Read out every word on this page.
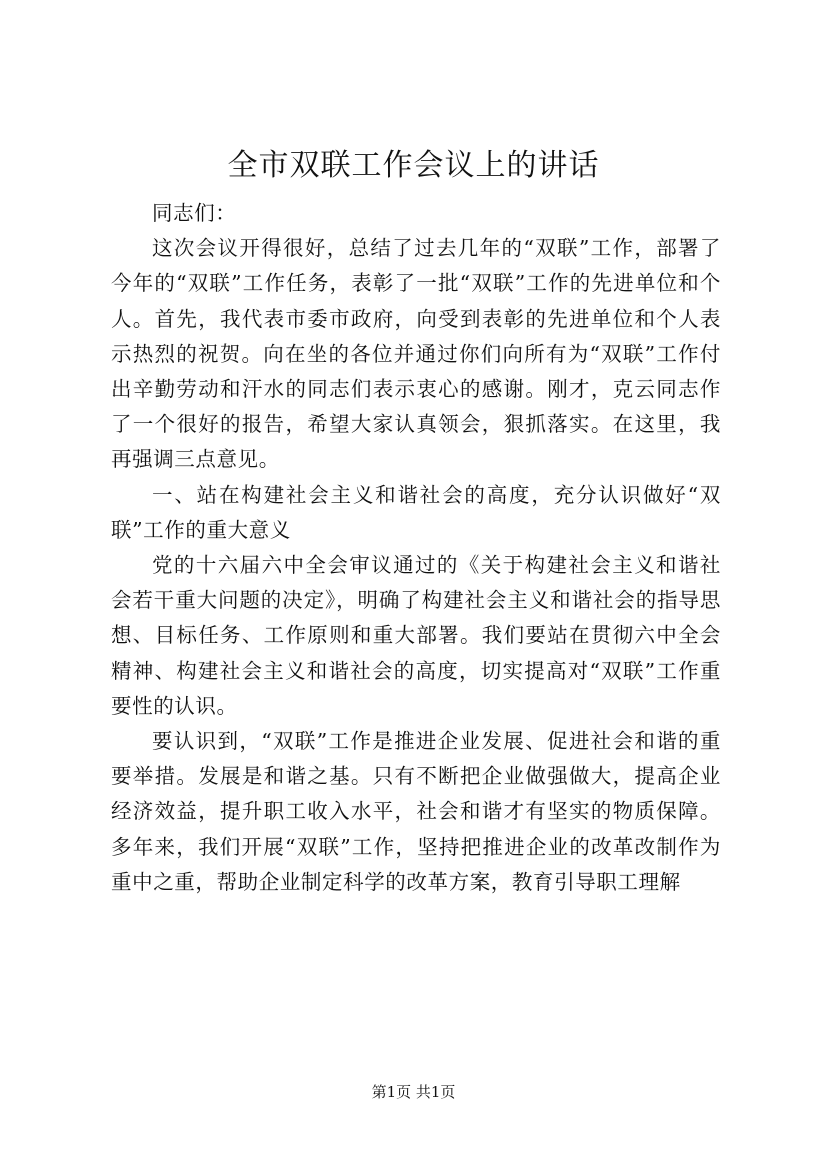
全市双联工作会议上的讲话

同志们：

这次会议开得很好，总结了过去几年的“双联”工作，部署了今年的“双联”工作任务，表彰了一批“双联”工作的先进单位和个人。首先，我代表市委市政府，向受到表彰的先进单位和个人表示热烈的祝贺。向在坐的各位并通过你们向所有为“双联”工作付出辛勤劳动和汗水的同志们表示衷心的感谢。刚才，克云同志作了一个很好的报告，希望大家认真领会，狠抓落实。在这里，我再强调三点意见。

一、站在构建社会主义和谐社会的高度，充分认识做好“双联”工作的重大意义

党的十六届六中全会审议通过的《关于构建社会主义和谐社会若干重大问题的决定》，明确了构建社会主义和谐社会的指导思想、目标任务、工作原则和重大部署。我们要站在贯彻六中全会精神、构建社会主义和谐社会的高度，切实提高对“双联”工作重要性的认识。

要认识到，“双联”工作是推进企业发展、促进社会和谐的重要举措。发展是和谐之基。只有不断把企业做强做大，提高企业经济效益，提升职工收入水平，社会和谐才有坚实的物质保障。多年来，我们开展“双联”工作，坚持把推进企业的改革改制作为重中之重，帮助企业制定科学的改革方案，教育引导职工理解

第1页 共1页
